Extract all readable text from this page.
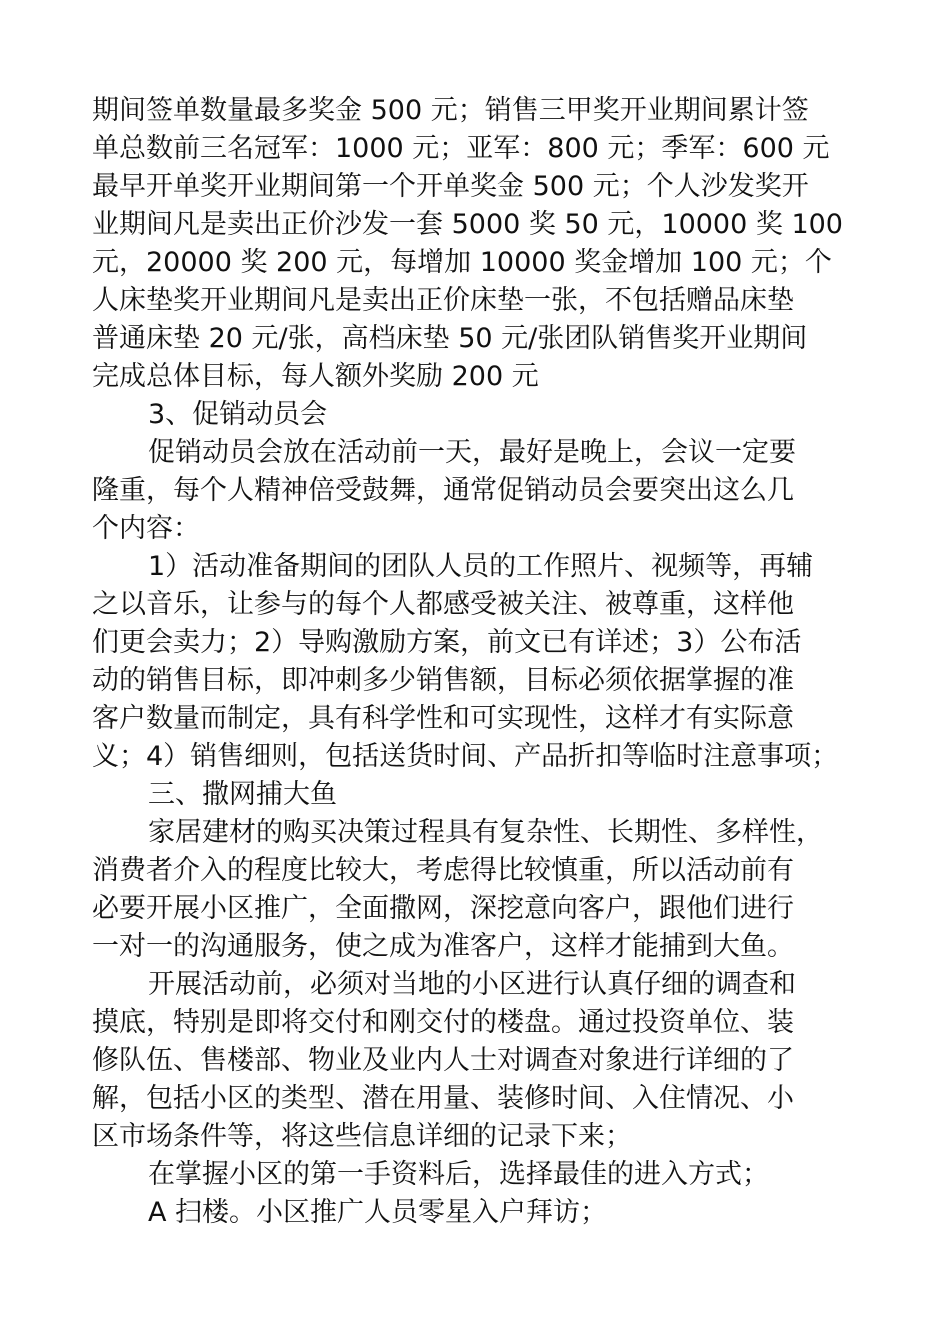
期间签单数量最多奖金 500 元；销售三甲奖开业期间累计签
单总数前三名冠军：1000 元；亚军：800 元；季军：600 元
最早开单奖开业期间第一个开单奖金 500 元；个人沙发奖开
业期间凡是卖出正价沙发一套 5000 奖 50 元，10000 奖 100
元，20000 奖 200 元，每增加 10000 奖金增加 100 元；个
人床垫奖开业期间凡是卖出正价床垫一张，不包括赠品床垫
普通床垫 20 元/张，高档床垫 50 元/张团队销售奖开业期间
完成总体目标，每人额外奖励 200 元
3、促销动员会
促销动员会放在活动前一天，最好是晚上，会议一定要
隆重，每个人精神倍受鼓舞，通常促销动员会要突出这么几
个内容：
1）活动准备期间的团队人员的工作照片、视频等，再辅
之以音乐，让参与的每个人都感受被关注、被尊重，这样他
们更会卖力；2）导购激励方案，前文已有详述；3）公布活
动的销售目标，即冲刺多少销售额，目标必须依据掌握的准
客户数量而制定，具有科学性和可实现性，这样才有实际意
义；4）销售细则，包括送货时间、产品折扣等临时注意事项；
三、撒网捕大鱼
家居建材的购买决策过程具有复杂性、长期性、多样性，
消费者介入的程度比较大，考虑得比较慎重，所以活动前有
必要开展小区推广，全面撒网，深挖意向客户，跟他们进行
一对一的沟通服务，使之成为准客户，这样才能捕到大鱼。
开展活动前，必须对当地的小区进行认真仔细的调查和
摸底，特别是即将交付和刚交付的楼盘。通过投资单位、装
修队伍、售楼部、物业及业内人士对调查对象进行详细的了
解，包括小区的类型、潜在用量、装修时间、入住情况、小
区市场条件等，将这些信息详细的记录下来；
在掌握小区的第一手资料后，选择最佳的进入方式；
A 扫楼。小区推广人员零星入户拜访；
